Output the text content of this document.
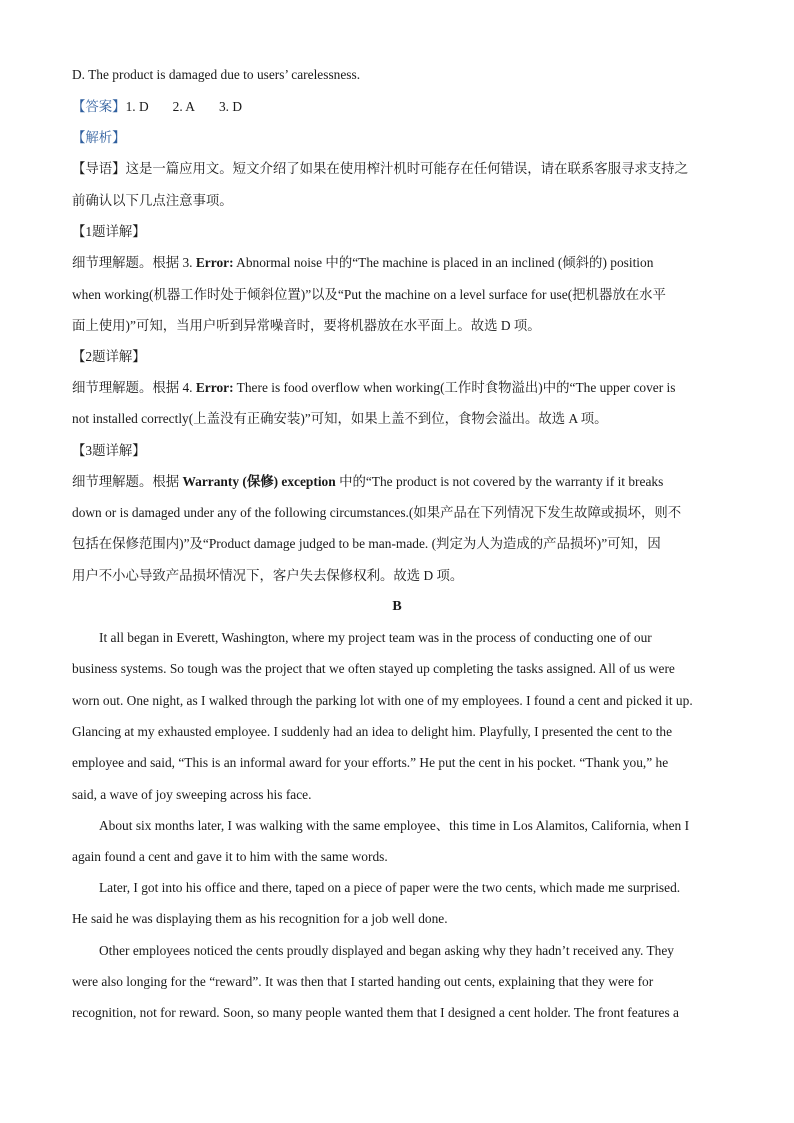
D. The product is damaged due to users’ carelessness.
【答案】1. D 2. A 3. D
【解析】
【导语】这是一篇应用文。短文介绍了如果在使用榨汁机时可能存在任何错误，请在联系客服寻求支持之
前确认以下几点注意事项。
【1题详解】
细节理解题。根据 3. Error: Abnormal noise 中的“The machine is placed in an inclined (倾斜的) position
when working(机器工作时处于倾斜位置)”以及“Put the machine on a level surface for use(把机器放在水平
面上使用)”可知，当用户听到异常噪音时，要将机器放在水平面上。故选 D 项。
【2题详解】
细节理解题。根据 4. Error: There is food overflow when working(工作时食物溢出)中的“The upper cover is
not installed correctly(上盖没有正确安装)”可知，如果上盖不到位，食物会溢出。故选 A 项。
【3题详解】
细节理解题。根据 Warranty (保修) exception 中的“The product is not covered by the warranty if it breaks
down or is damaged under any of the following circumstances.(如果产品在下列情况下发生故障或损坏，则不
包括在保修范围内)”及“Product damage judged to be man-made. (判定为人为造成的产品损坏)”可知，因
用户不小心导致产品损坏情况下，客户失去保修权利。故选 D 项。
B
It all began in Everett, Washington, where my project team was in the process of conducting one of our
business systems. So tough was the project that we often stayed up completing the tasks assigned. All of us were
worn out. One night, as I walked through the parking lot with one of my employees. I found a cent and picked it up.
Glancing at my exhausted employee. I suddenly had an idea to delight him. Playfully, I presented the cent to the
employee and said, “This is an informal award for your efforts.” He put the cent in his pocket. “Thank you,” he
said, a wave of joy sweeping across his face.
About six months later, I was walking with the same employee、this time in Los Alamitos, California, when I
again found a cent and gave it to him with the same words.
Later, I got into his office and there, taped on a piece of paper were the two cents, which made me surprised.
He said he was displaying them as his recognition for a job well done.
Other employees noticed the cents proudly displayed and began asking why they hadn’t received any. They
were also longing for the “reward”. It was then that I started handing out cents, explaining that they were for
recognition, not for reward. Soon, so many people wanted them that I designed a cent holder. The front features a
